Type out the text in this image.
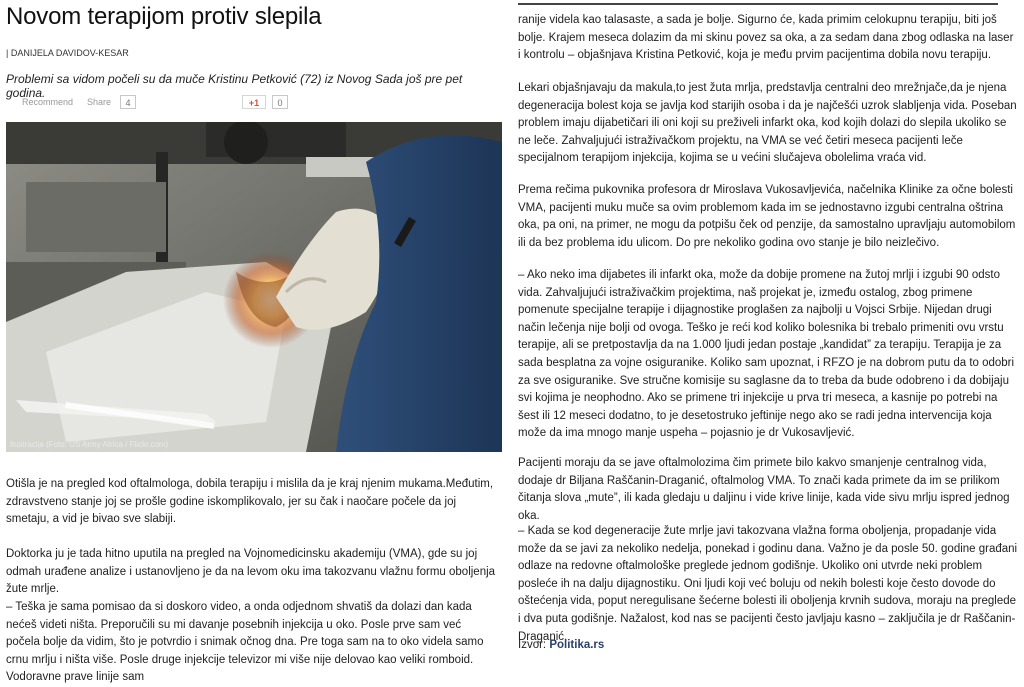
Novom terapijom protiv slepila
| DANIJELA DAVIDOV-KESAR
Problemi sa vidom počeli su da muče Kristinu Petković (72) iz Novog Sada još pre pet godina.
Recommend Share	4	+1	0
Ilustracija (Foto: US Army Africa / Flickr.com)

Otišla je na pregled kod oftalmologa, dobila terapiju i mislila da je kraj njenim mukama.Međutim, zdravstveno stanje joj se prošle godine iskomplikovalo, jer su čak i naočare počele da joj smetaju, a vid je bivao sve slabiji.

Doktorka ju je tada hitno uputila na pregled na Vojnomedicinsku akademiju (VMA), gde su joj odmah urađene analize i ustanovljeno je da na levom oku ima takozvanu vlažnu formu oboljenja žute mrlje.

– Teška je sama pomisao da si doskoro video, a onda odjednom shvatiš da dolazi dan kada nećeš videti ništa. Preporučili su mi davanje posebnih injekcija u oko. Posle prve sam već počela bolje da vidim, što je potvrdio i snimak očnog dna. Pre toga sam na to oko videla samo crnu mrlju i ništa više. Posle druge injekcije televizor mi više nije delovao kao veliki romboid. Vodoravne prave linije sam

ranije videla kao talasaste, a sada je bolje. Sigurno će, kada primim celokupnu terapiju, biti još bolje. Krajem meseca dolazim da mi skinu povez sa oka, a za sedam dana zbog odlaska na laser i kontrolu – objašnjava Kristina Petković, koja je među prvim pacijentima dobila novu terapiju.

Lekari objašnjavaju da makula,to jest žuta mrlja, predstavlja centralni deo mrežnjače,da je njena degeneracija bolest koja se javlja kod starijih osoba i da je najčešći uzrok slabljenja vida. Poseban problem imaju dijabetičari ili oni koji su preživeli infarkt oka, kod kojih dolazi do slepila ukoliko se ne leče. Zahvaljujući istraživačkom projektu, na VMA se već četiri meseca pacijenti leče specijalnom terapijom injekcija, kojima se u većini slučajeva obolelima vraća vid.

Prema rečima pukovnika profesora dr Miroslava Vukosavljevića, načelnika Klinike za očne bolesti VMA, pacijenti muku muče sa ovim problemom kada im se jednostavno izgubi centralna oštrina oka, pa oni, na primer, ne mogu da potpišu ček od penzije, da samostalno upravljaju automobilom ili da bez problema idu ulicom. Do pre nekoliko godina ovo stanje je bilo neizlečivo.

– Ako neko ima dijabetes ili infarkt oka, može da dobije promene na žutoj mrlji i izgubi 90 odsto vida. Zahvaljujući istraživačkim projektima, naš projekat je, između ostalog, zbog primene pomenute specijalne terapije i dijagnostike proglašen za najbolji u Vojsci Srbije. Nijedan drugi način lečenja nije bolji od ovoga. Teško je reći kod koliko bolesnika bi trebalo primeniti ovu vrstu terapije, ali se pretpostavlja da na 1.000 ljudi jedan postaje „kandidat” za terapiju. Terapija je za sada besplatna za vojne osiguranike. Koliko sam upoznat, i RFZO je na dobrom putu da to odobri za sve osiguranike. Sve stručne komisije su saglasne da to treba da bude odobreno i da dobijaju svi kojima je neophodno. Ako se primene tri injekcije u prva tri meseca, a kasnije po potrebi na šest ili 12 meseci dodatno, to je desetostruko jeftinije nego ako se radi jedna intervencija koja može da ima mnogo manje uspeha – pojasnio je dr Vukosavljević.

Pacijenti moraju da se jave oftalmolozima čim primete bilo kakvo smanjenje centralnog vida, dodaje dr Biljana Raščanin-Draganić, oftalmolog VMA. To znači kada primete da im se prilikom čitanja slova „mute”, ili kada gledaju u daljinu i vide krive linije, kada vide sivu mrlju ispred jednog oka.

– Kada se kod degeneracije žute mrlje javi takozvana vlažna forma oboljenja, propadanje vida može da se javi za nekoliko nedelja, ponekad i godinu dana. Važno je da posle 50. godine građani odlaze na redovne oftalmološke preglede jednom godišnje. Ukoliko oni utvrde neki problem posleće ih na dalju dijagnostiku. Oni ljudi koji već boluju od nekih bolesti koje često dovode do oštećenja vida, poput neregulisane šećerne bolesti ili oboljenja krvnih sudova, moraju na preglede i dva puta godišnje. Nažalost, kod nas se pacijenti često javljaju kasno – zaključila je dr Raščanin-Draganić.

Izvor: Politika.rs
